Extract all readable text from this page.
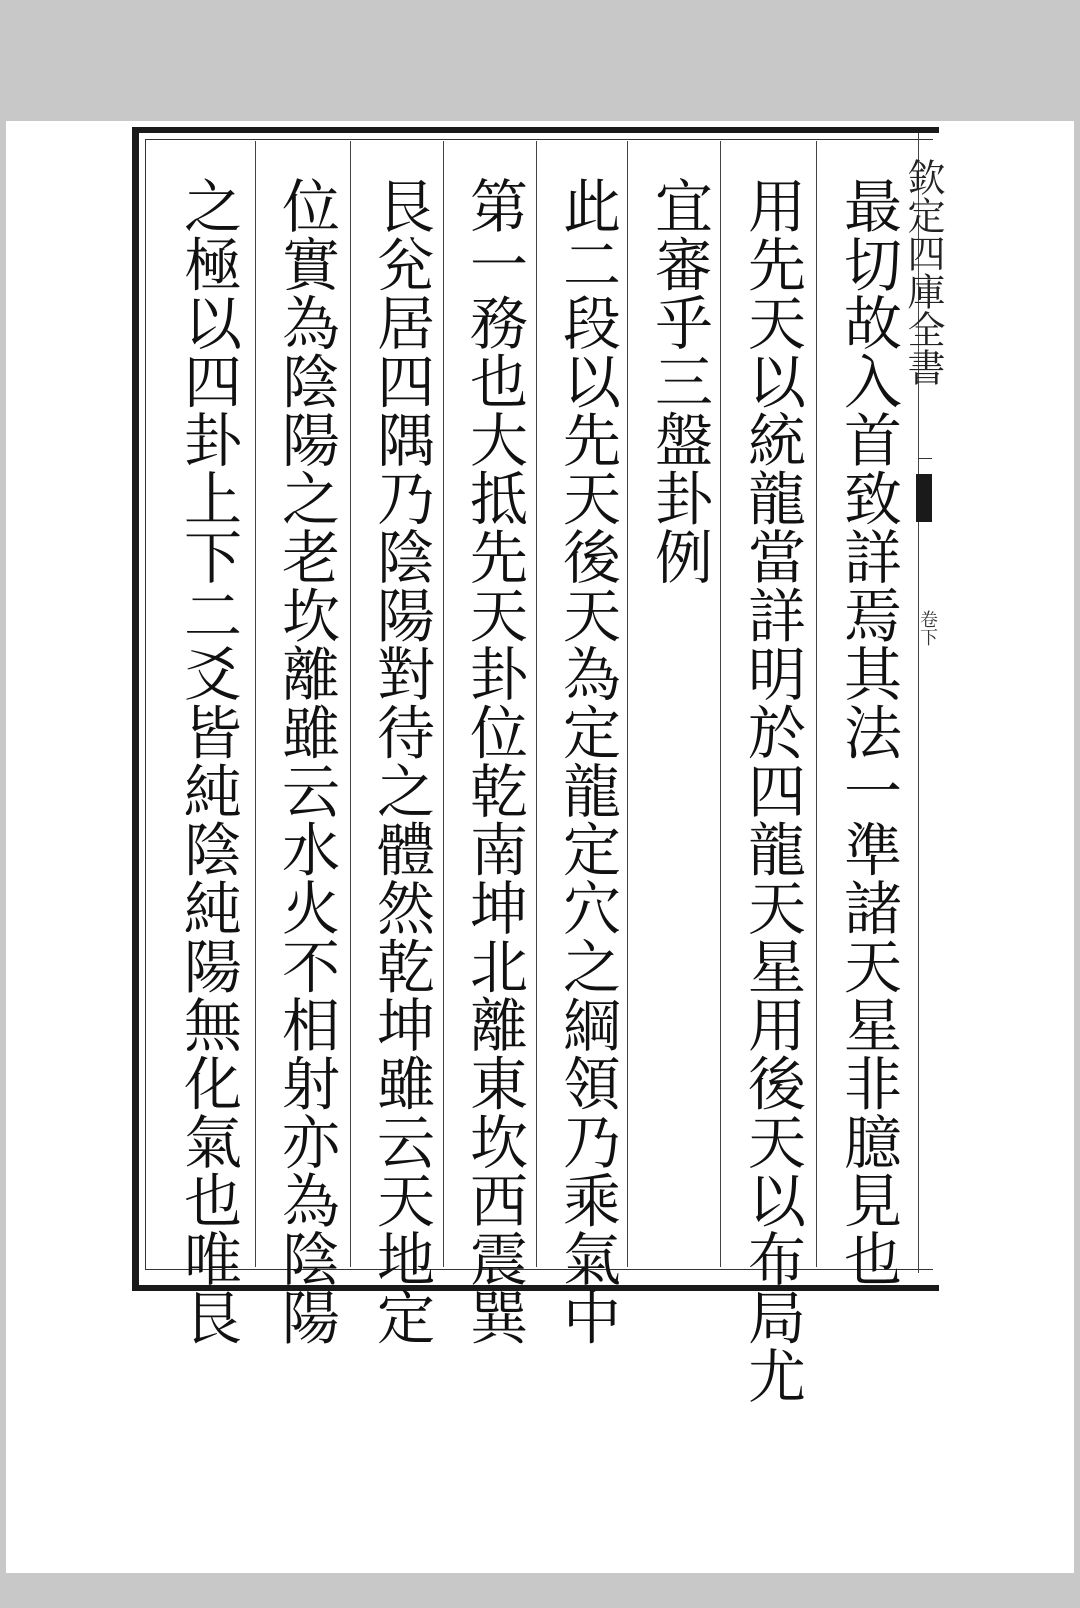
欽定四庫全書
卷下
最切故入首致詳焉其法一準諸天星非臆見也
用先天以統龍當詳明於四龍天星用後天以布局尤
宜審乎三盤卦例
此二段以先天後天為定龍定穴之綱領乃乘氣中
第一務也大抵先天卦位乾南坤北離東坎西震巽
艮兊居四隅乃陰陽對待之體然乾坤雖云天地定
位實為陰陽之老坎離雖云水火不相射亦為陰陽
之極以四卦上下二爻皆純陰純陽無化氣也唯艮
